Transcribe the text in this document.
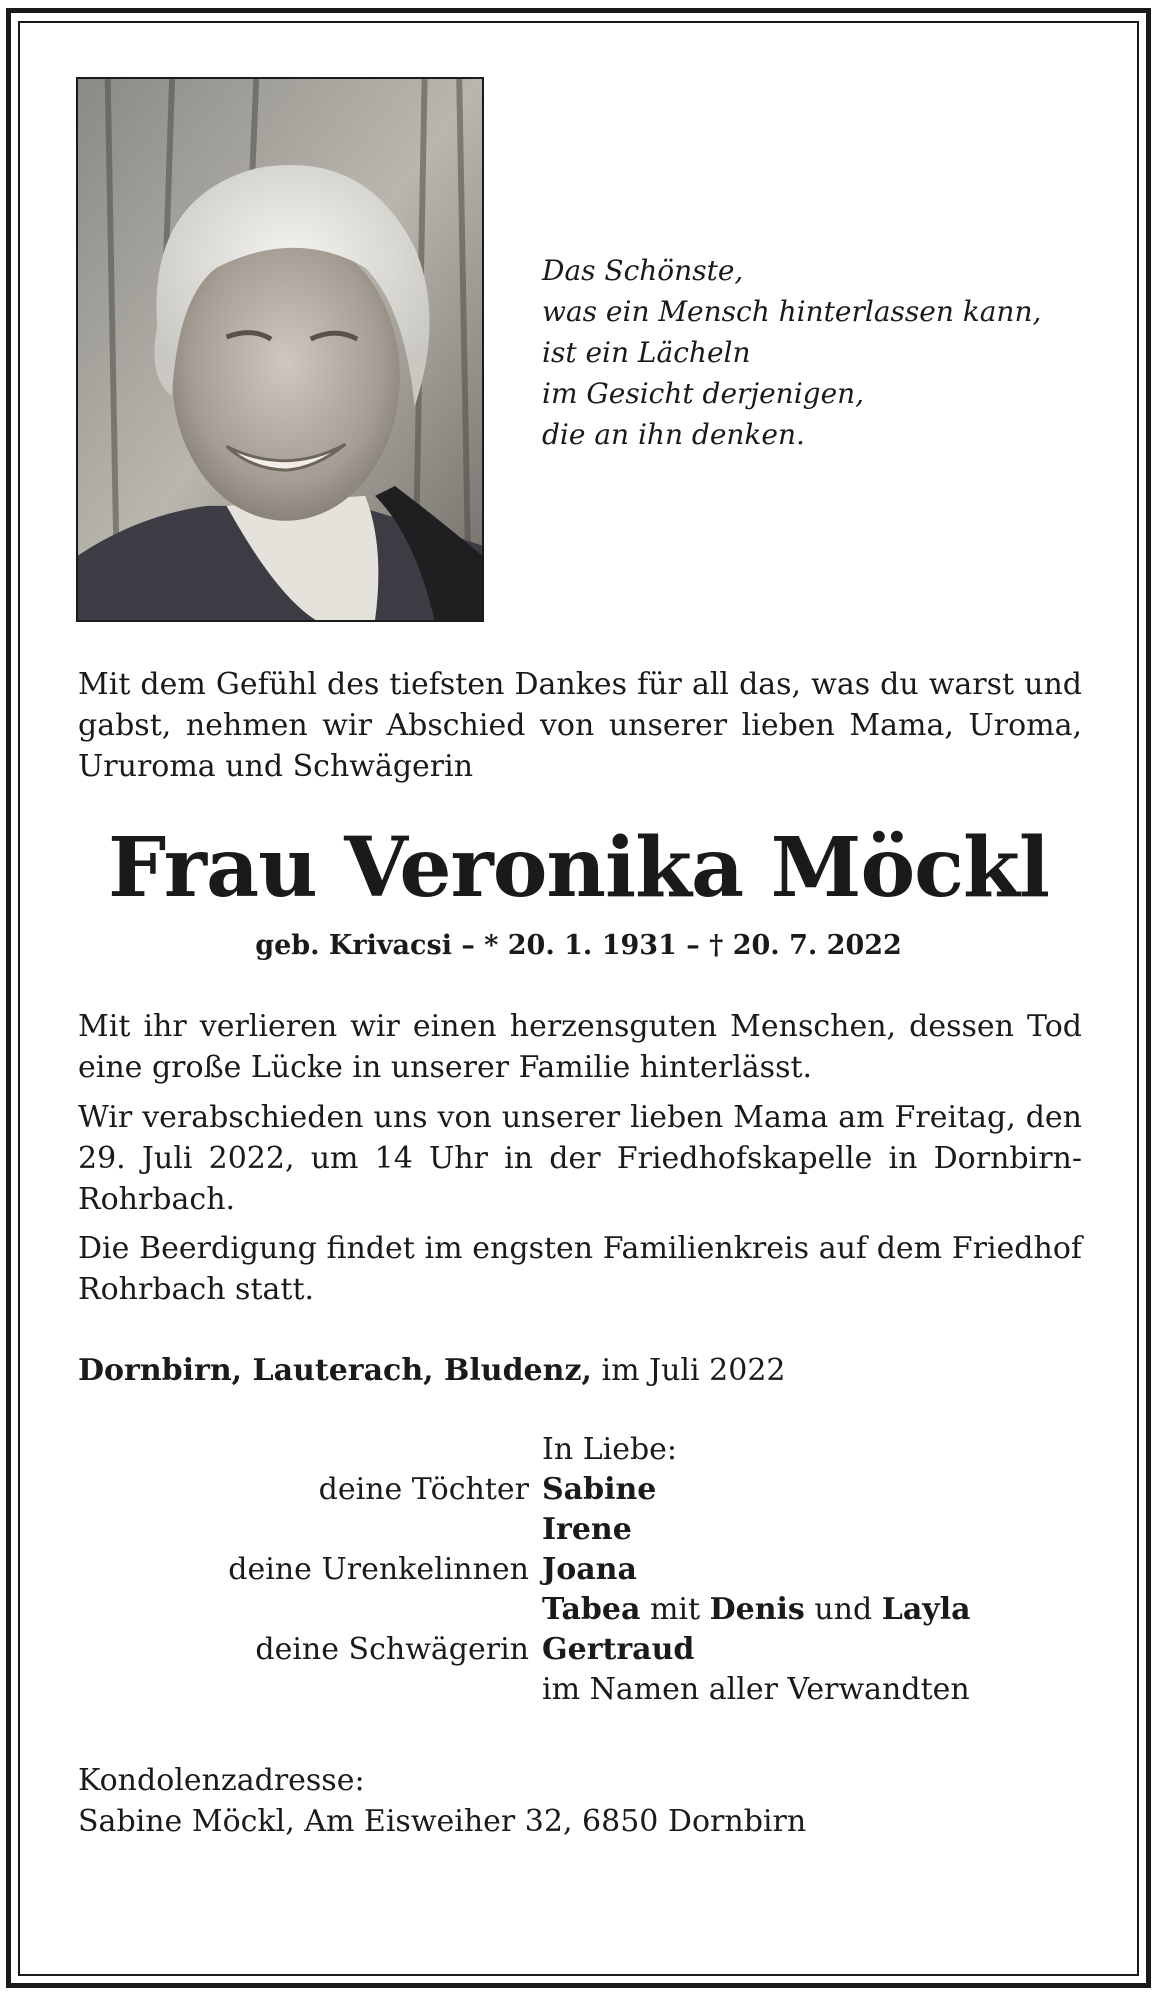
Das Schönste,
was ein Mensch hinterlassen kann,
ist ein Lächeln
im Gesicht derjenigen,
die an ihn denken.
Mit dem Gefühl des tiefsten Dankes für all das, was du warst und gabst, nehmen wir Abschied von unserer lieben Mama, Uroma, Ururoma und Schwägerin
Frau Veronika Möckl
geb. Krivacsi – * 20. 1. 1931 – † 20. 7. 2022
Mit ihr verlieren wir einen herzensguten Menschen, dessen Tod eine große Lücke in unserer Familie hinterlässt.
Wir verabschieden uns von unserer lieben Mama am Freitag, den 29. Juli 2022, um 14 Uhr in der Friedhofskapelle in Dornbirn-Rohrbach.
Die Beerdigung findet im engsten Familienkreis auf dem Friedhof Rohrbach statt.
Dornbirn, Lauterach, Bludenz, im Juli 2022
In Liebe:
deine Töchter Sabine
Irene
deine Urenkelinnen Joana
Tabea mit Denis und Layla
deine Schwägerin Gertraud
im Namen aller Verwandten
Kondolenzadresse:
Sabine Möckl, Am Eisweiher 32, 6850 Dornbirn
